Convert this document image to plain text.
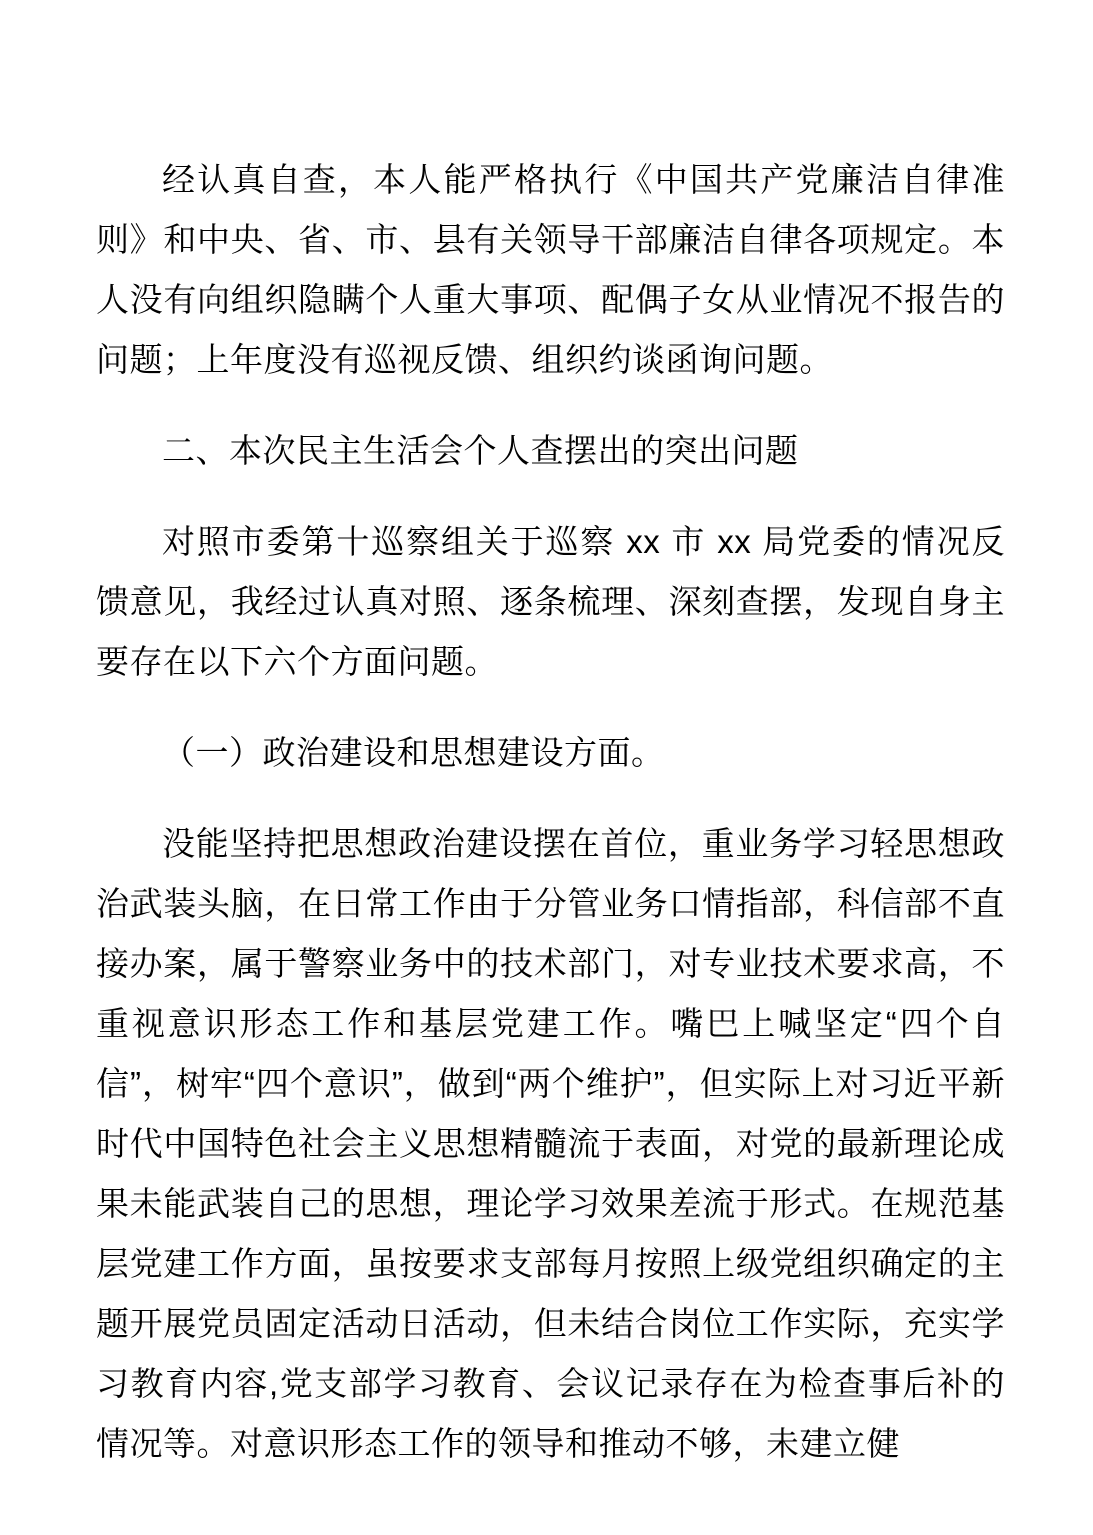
经认真自查，本人能严格执行《中国共产党廉洁自律准则》和中央、省、市、县有关领导干部廉洁自律各项规定。本人没有向组织隐瞒个人重大事项、配偶子女从业情况不报告的问题；上年度没有巡视反馈、组织约谈函询问题。

二、本次民主生活会个人查摆出的突出问题

对照市委第十巡察组关于巡察 xx 市 xx 局党委的情况反馈意见，我经过认真对照、逐条梳理、深刻查摆，发现自身主要存在以下六个方面问题。

（一）政治建设和思想建设方面。

没能坚持把思想政治建设摆在首位，重业务学习轻思想政治武装头脑，在日常工作由于分管业务口情指部，科信部不直接办案，属于警察业务中的技术部门，对专业技术要求高，不重视意识形态工作和基层党建工作。嘴巴上喊坚定“四个自信”，树牢“四个意识”，做到“两个维护”，但实际上对习近平新时代中国特色社会主义思想精髓流于表面，对党的最新理论成果未能武装自己的思想，理论学习效果差流于形式。在规范基层党建工作方面，虽按要求支部每月按照上级党组织确定的主题开展党员固定活动日活动，但未结合岗位工作实际，充实学习教育内容,党支部学习教育、会议记录存在为检查事后补的情况等。对意识形态工作的领导和推动不够，未建立健
